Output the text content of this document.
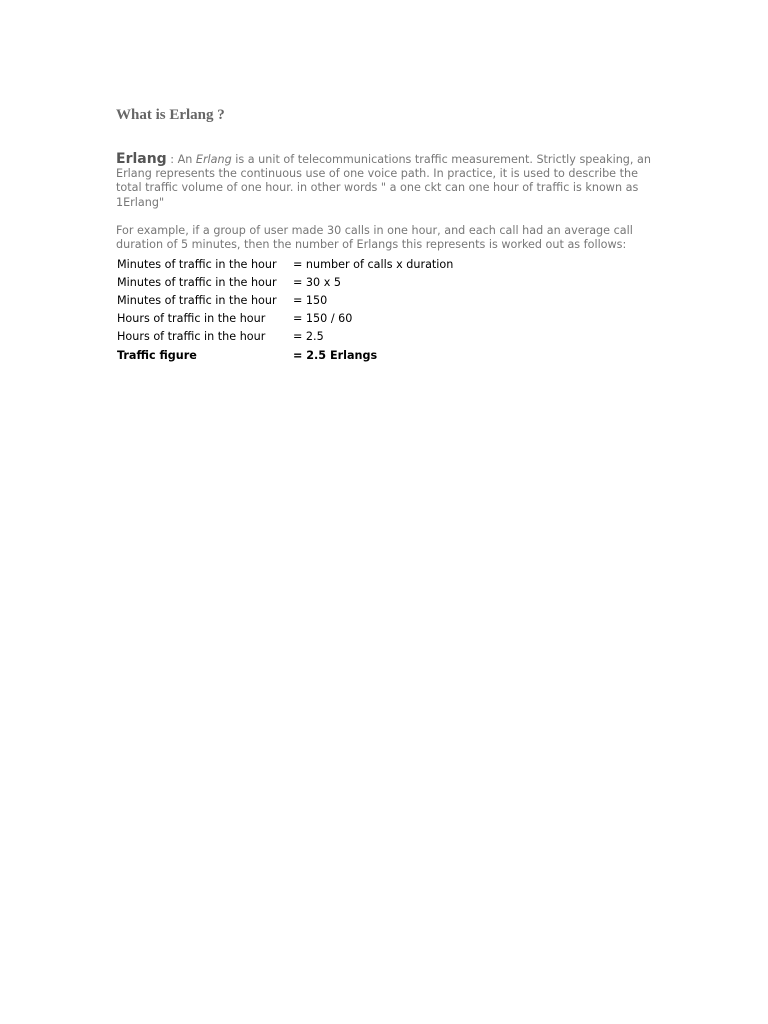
What is Erlang ?

Erlang : An Erlang is a unit of telecommunications traffic measurement. Strictly speaking, an Erlang represents the continuous use of one voice path. In practice, it is used to describe the total traffic volume of one hour. in other words " a one ckt can one hour of traffic is known as 1Erlang"

For example, if a group of user made 30 calls in one hour, and each call had an average call duration of 5 minutes, then the number of Erlangs this represents is worked out as follows:

Minutes of traffic in the hour	= number of calls x duration
Minutes of traffic in the hour	= 30 x 5
Minutes of traffic in the hour	= 150
Hours of traffic in the hour	= 150 / 60
Hours of traffic in the hour	= 2.5
Traffic figure	= 2.5 Erlangs
